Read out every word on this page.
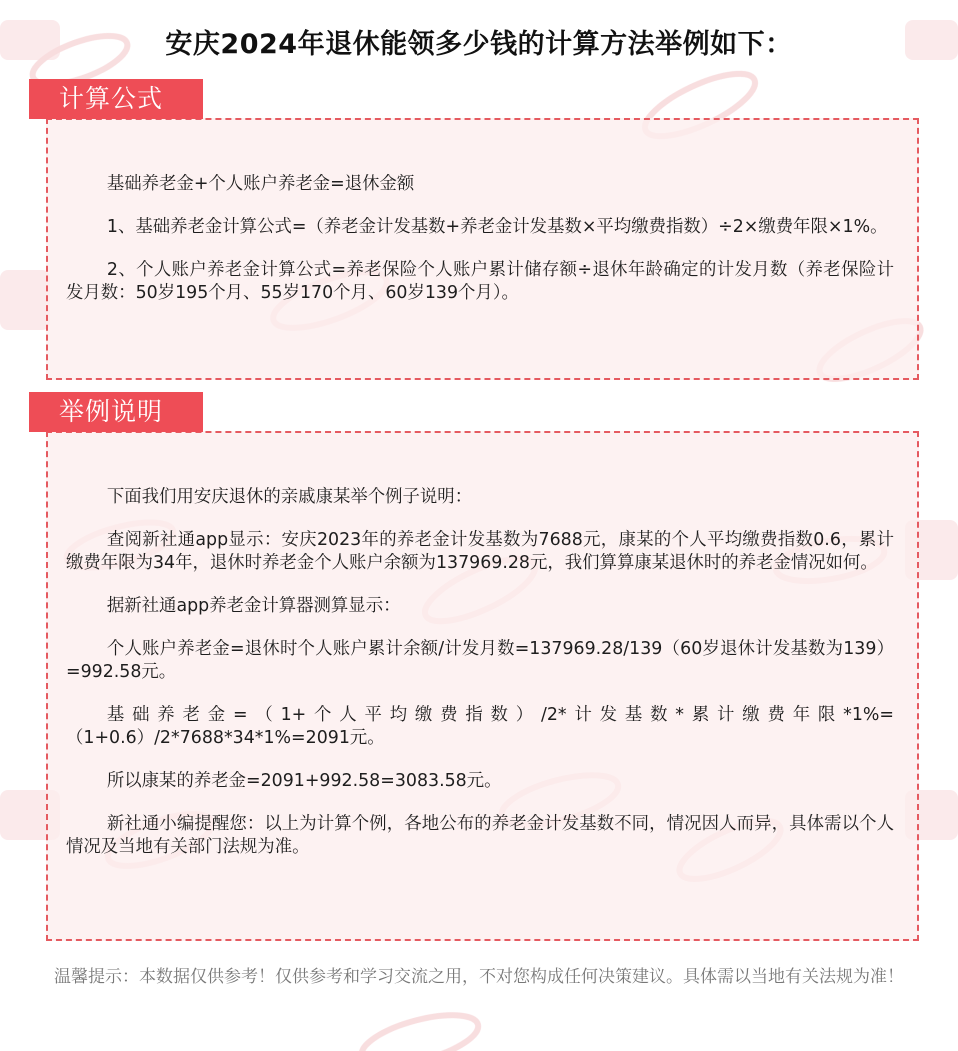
安庆2024年退休能领多少钱的计算方法举例如下：
计算公式

基础养老金+个人账户养老金=退休金额

1、基础养老金计算公式=（养老金计发基数+养老金计发基数×平均缴费指数）÷2×缴费年限×1%。

2、个人账户养老金计算公式=养老保险个人账户累计储存额÷退休年龄确定的计发月数（养老保险计发月数：50岁195个月、55岁170个月、60岁139个月）。

举例说明

下面我们用安庆退休的亲戚康某举个例子说明：

查阅新社通app显示：安庆2023年的养老金计发基数为7688元，康某的个人平均缴费指数0.6，累计缴费年限为34年，退休时养老金个人账户余额为137969.28元，我们算算康某退休时的养老金情况如何。

据新社通app养老金计算器测算显示：

个人账户养老金=退休时个人账户累计余额/计发月数=137969.28/139（60岁退休计发基数为139）=992.58元。

基础养老金=（1+个人平均缴费指数）/2*计发基数*累计缴费年限*1%=（1+0.6）/2*7688*34*1%=2091元。

所以康某的养老金=2091+992.58=3083.58元。

新社通小编提醒您：以上为计算个例，各地公布的养老金计发基数不同，情况因人而异，具体需以个人情况及当地有关部门法规为准。

温馨提示：本数据仅供参考！仅供参考和学习交流之用，不对您构成任何决策建议。具体需以当地有关法规为准！
